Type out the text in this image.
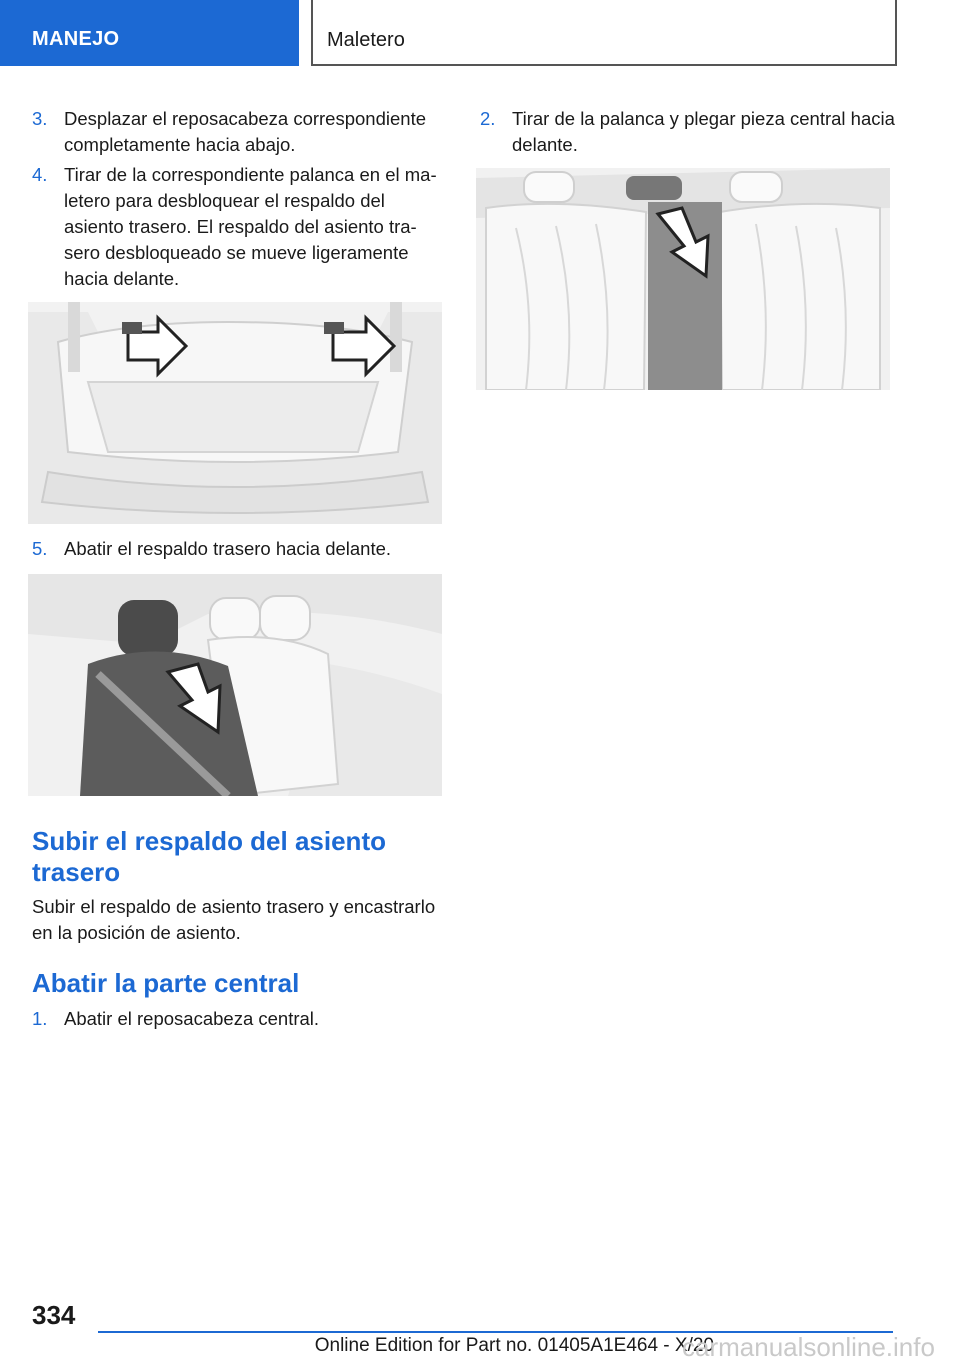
MANEJO	Maletero
3. Desplazar el reposacabeza correspondiente
completamente hacia abajo.
4. Tirar de la correspondiente palanca en el ma‐
letero para desbloquear el respaldo del
asiento trasero. El respaldo del asiento tra‐
sero desbloqueado se mueve ligeramente
hacia delante.
5. Abatir el respaldo trasero hacia delante.
Subir el respaldo del asiento
trasero
Subir el respaldo de asiento trasero y encastrarlo
en la posición de asiento.
Abatir la parte central
1. Abatir el reposacabeza central.
2. Tirar de la palanca y plegar pieza central hacia
delante.
334
Online Edition for Part no. 01405A1E464 - X/20
carmanualsonline.info
